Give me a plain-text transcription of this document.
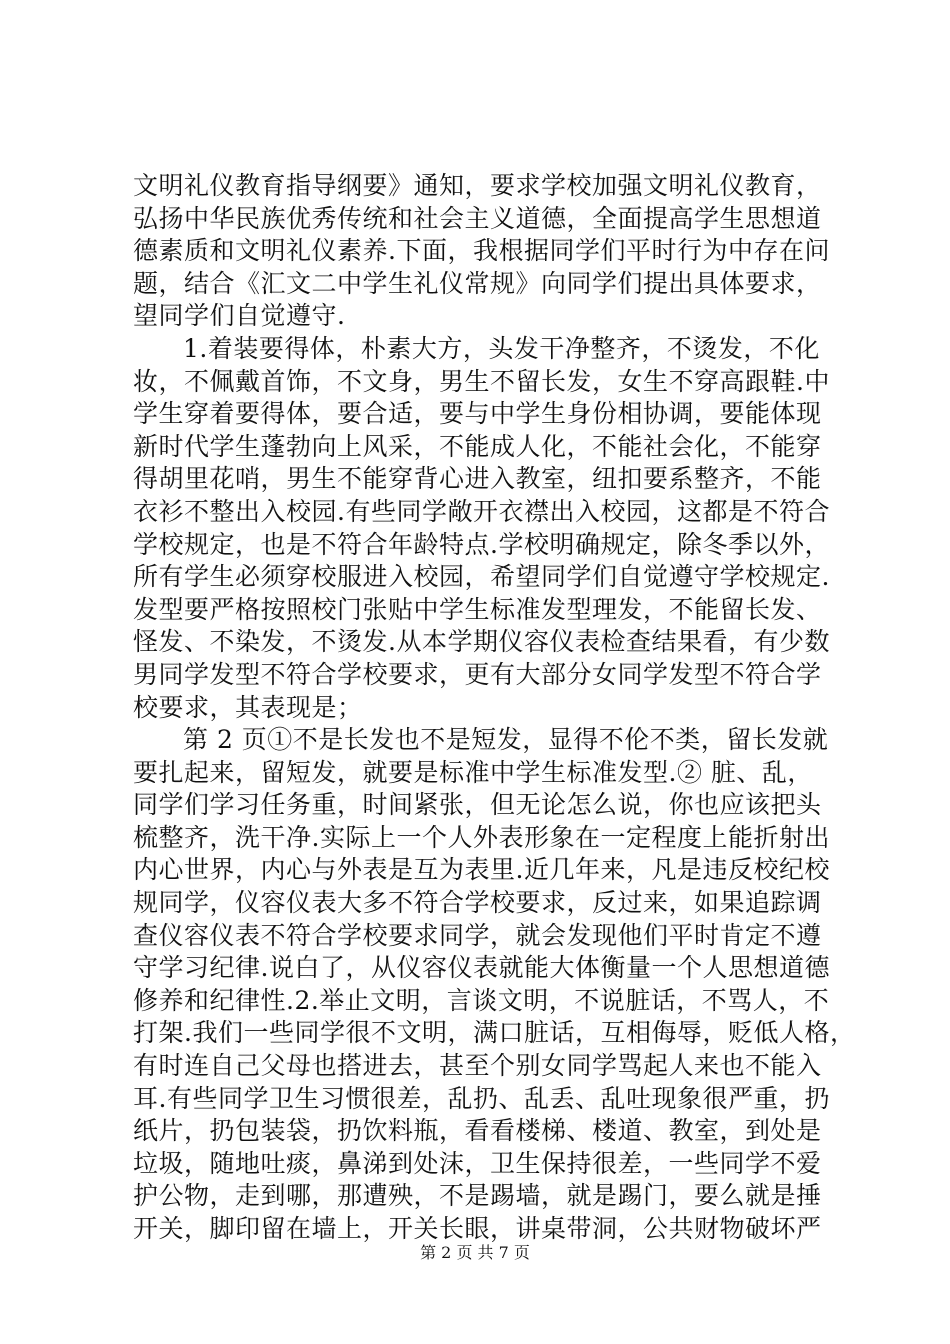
文明礼仪教育指导纲要》通知，要求学校加强文明礼仪教育，
弘扬中华民族优秀传统和社会主义道德，全面提高学生思想道
德素质和文明礼仪素养.下面，我根据同学们平时行为中存在问
题，结合《汇文二中学生礼仪常规》向同学们提出具体要求，
望同学们自觉遵守.
1.着装要得体，朴素大方，头发干净整齐，不烫发，不化
妆，不佩戴首饰，不文身，男生不留长发，女生不穿高跟鞋.中
学生穿着要得体，要合适，要与中学生身份相协调，要能体现
新时代学生蓬勃向上风采，不能成人化，不能社会化，不能穿
得胡里花哨，男生不能穿背心进入教室，纽扣要系整齐，不能
衣衫不整出入校园.有些同学敞开衣襟出入校园，这都是不符合
学校规定，也是不符合年龄特点.学校明确规定，除冬季以外，
所有学生必须穿校服进入校园，希望同学们自觉遵守学校规定.
发型要严格按照校门张贴中学生标准发型理发，不能留长发、
怪发、不染发，不烫发.从本学期仪容仪表检查结果看，有少数
男同学发型不符合学校要求，更有大部分女同学发型不符合学
校要求，其表现是；
第 2 页①不是长发也不是短发，显得不伦不类，留长发就
要扎起来，留短发，就要是标准中学生标准发型.② 脏、乱，
同学们学习任务重，时间紧张，但无论怎么说，你也应该把头
梳整齐，洗干净.实际上一个人外表形象在一定程度上能折射出
内心世界，内心与外表是互为表里.近几年来，凡是违反校纪校
规同学，仪容仪表大多不符合学校要求，反过来，如果追踪调
查仪容仪表不符合学校要求同学，就会发现他们平时肯定不遵
守学习纪律.说白了，从仪容仪表就能大体衡量一个人思想道德
修养和纪律性.2.举止文明，言谈文明，不说脏话，不骂人，不
打架.我们一些同学很不文明，满口脏话，互相侮辱，贬低人格，
有时连自己父母也搭进去，甚至个别女同学骂起人来也不能入
耳.有些同学卫生习惯很差，乱扔、乱丢、乱吐现象很严重，扔
纸片，扔包装袋，扔饮料瓶，看看楼梯、楼道、教室，到处是
垃圾，随地吐痰，鼻涕到处沫，卫生保持很差，一些同学不爱
护公物，走到哪，那遭殃，不是踢墙，就是踢门，要么就是捶
开关，脚印留在墙上，开关长眼，讲桌带洞，公共财物破坏严
第 2 页 共 7 页
